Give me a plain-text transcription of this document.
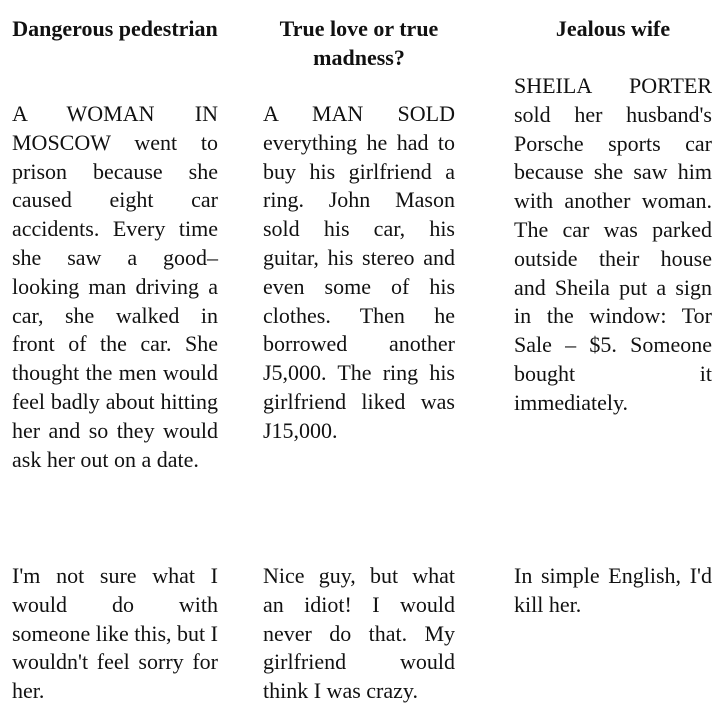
Dangerous pedestrian

A WOMAN IN MOSCOW went to prison because she caused eight car accidents. Every time she saw a good–looking man driving a car, she walked in front of the car. She thought the men would feel badly about hitting her and so they would ask her out on a date.

I'm not sure what I would do with someone like this, but I wouldn't feel sorry for her.

True love or true madness?

A MAN SOLD everything he had to buy his girlfriend a ring. John Mason sold his car, his guitar, his stereo and even some of his clothes. Then he borrowed another J5,000. The ring his girlfriend liked was J15,000.

Nice guy, but what an idiot! I would never do that. My girlfriend would think I was crazy.

Jealous wife

SHEILA PORTER sold her husband's Porsche sports car because she saw him with another woman. The car was parked outside their house and Sheila put a sign in the window: Tor Sale – $5. Someone bought it immediately.

In simple English, I'd kill her.
